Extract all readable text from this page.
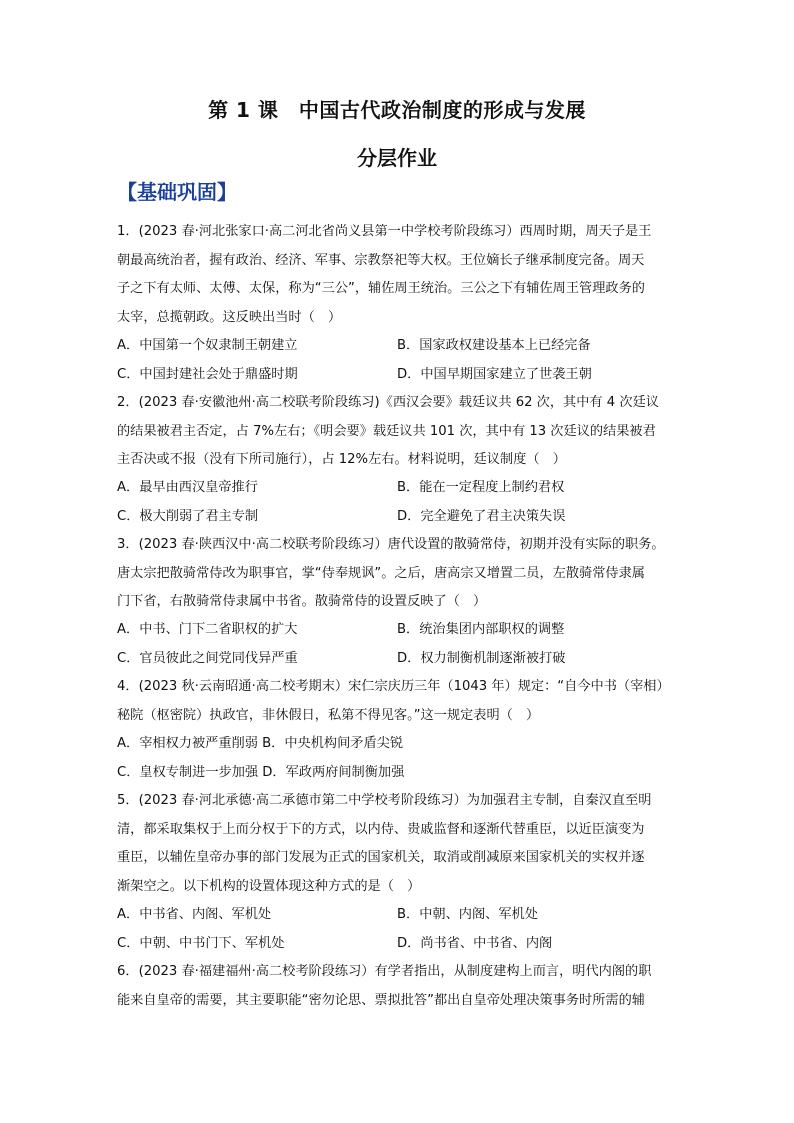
第 1 课　中国古代政治制度的形成与发展
分层作业
【基础巩固】
1．(2023 春·河北张家口·高二河北省尚义县第一中学校考阶段练习）西周时期，周天子是王
朝最高统治者，握有政治、经济、军事、宗教祭祀等大权。王位嫡长子继承制度完备。周天
子之下有太师、太傅、太保，称为“三公”，辅佐周王统治。三公之下有辅佐周王管理政务的
太宰，总揽朝政。这反映出当时（　）
A．中国第一个奴隶制王朝建立	B．国家政权建设基本上已经完备
C．中国封建社会处于鼎盛时期	D．中国早期国家建立了世袭王朝
2．(2023 春·安徽池州·高二校联考阶段练习)《西汉会要》载廷议共 62 次，其中有 4 次廷议
的结果被君主否定，占 7%左右；《明会要》载廷议共 101 次，其中有 13 次廷议的结果被君
主否决或不报（没有下所司施行），占 12%左右。材料说明，廷议制度（　）
A．最早由西汉皇帝推行	B．能在一定程度上制约君权
C．极大削弱了君主专制	D．完全避免了君主决策失误
3．(2023 春·陕西汉中·高二校联考阶段练习）唐代设置的散骑常侍，初期并没有实际的职务。
唐太宗把散骑常侍改为职事官，掌“侍奉规讽”。之后，唐高宗又增置二员，左散骑常侍隶属
门下省，右散骑常侍隶属中书省。散骑常侍的设置反映了（　）
A．中书、门下二省职权的扩大	B．统治集团内部职权的调整
C．官员彼此之间党同伐异严重	D．权力制衡机制逐渐被打破
4．(2023 秋·云南昭通·高二校考期末）宋仁宗庆历三年（1043 年）规定：“自今中书（宰相）
秘院（枢密院）执政官，非休假日，私第不得见客。”这一规定表明（　）
A．宰相权力被严重削弱 B．中央机构间矛盾尖锐
C．皇权专制进一步加强 D．军政两府间制衡加强
5．(2023 春·河北承德·高二承德市第二中学校考阶段练习）为加强君主专制，自秦汉直至明
清，都采取集权于上而分权于下的方式，以内侍、贵戚监督和逐渐代替重臣，以近臣演变为
重臣，以辅佐皇帝办事的部门发展为正式的国家机关，取消或削减原来国家机关的实权并逐
渐架空之。以下机构的设置体现这种方式的是（　）
A．中书省、内阁、军机处	B．中朝、内阁、军机处
C．中朝、中书门下、军机处	D．尚书省、中书省、内阁
6．(2023 春·福建福州·高二校考阶段练习）有学者指出，从制度建构上而言，明代内阁的职
能来自皇帝的需要，其主要职能“密勿论思、票拟批答”都出自皇帝处理决策事务时所需的辅
